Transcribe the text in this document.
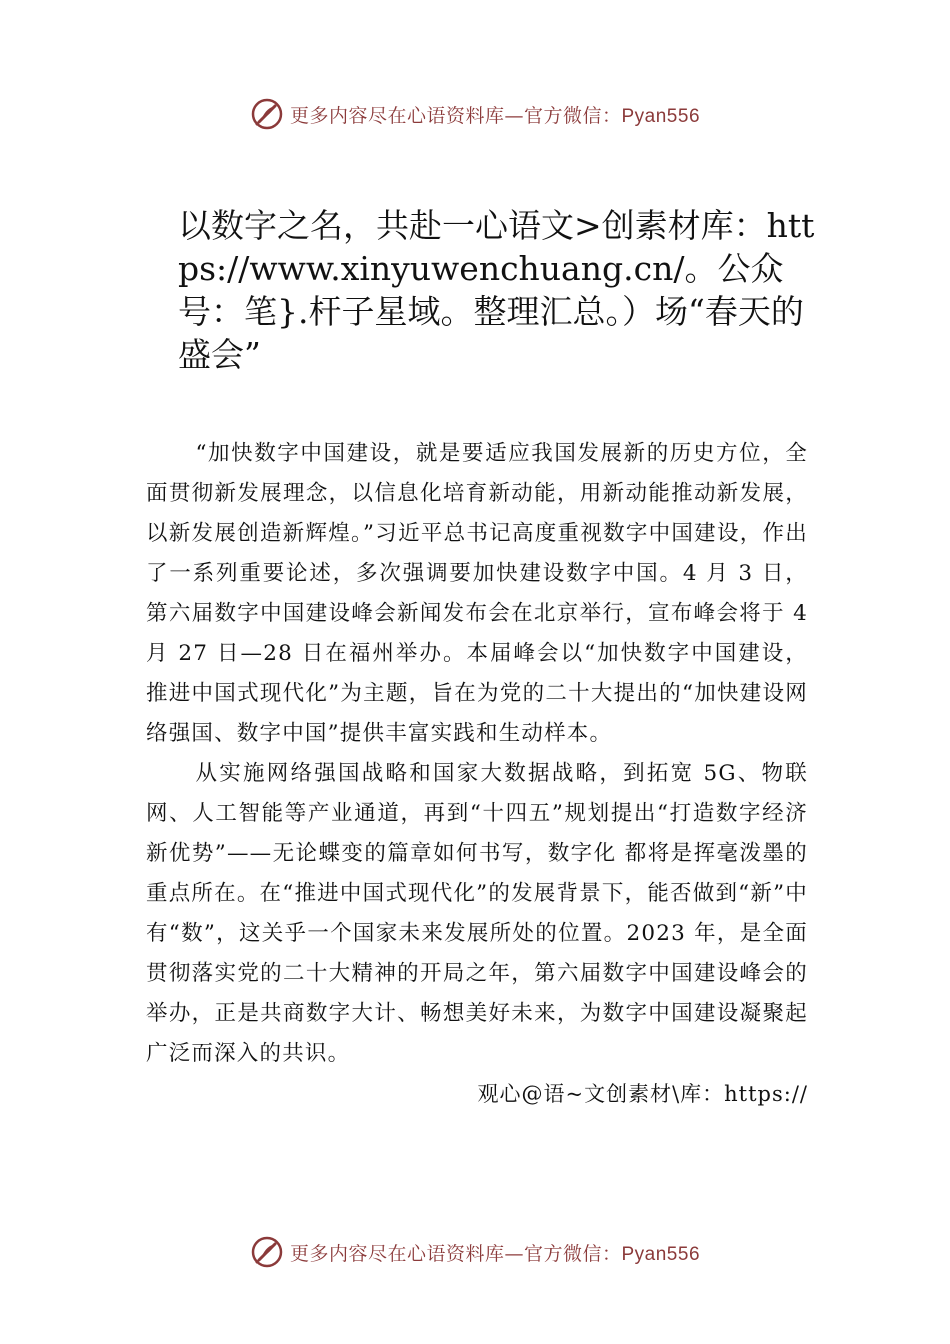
更多内容尽在心语资料库—官方微信：Pyan556
以数字之名，共赴一心语文>创素材库：https://www.xinyuwenchuang.cn/。公众号：笔}.杆子星域。整理汇总。）场“春天的盛会”

“加快数字中国建设，就是要适应我国发展新的历史方位，全面贯彻新发展理念，以信息化培育新动能，用新动能推动新发展，以新发展创造新辉煌。”习近平总书记高度重视数字中国建设，作出了一系列重要论述，多次强调要加快建设数字中国。4 月 3 日，第六届数字中国建设峰会新闻发布会在北京举行，宣布峰会将于 4 月 27 日—28 日在福州举办。本届峰会以“加快数字中国建设，推进中国式现代化”为主题，旨在为党的二十大提出的“加快建设网络强国、数字中国”提供丰富实践和生动样本。

从实施网络强国战略和国家大数据战略，到拓宽 5G、物联网、人工智能等产业通道，再到“十四五”规划提出“打造数字经济新优势”——无论蝶变的篇章如何书写，数字化 都将是挥毫泼墨的重点所在。在“推进中国式现代化”的发展背景下，能否做到“新”中有“数”，这关乎一个国家未来发展所处的位置。2023 年，是全面贯彻落实党的二十大精神的开局之年，第六届数字中国建设峰会的举办，正是共商数字大计、畅想美好未来，为数字中国建设凝聚起广泛而深入的共识。

观心@语~文创素材\库：https://

更多内容尽在心语资料库—官方微信：Pyan556
